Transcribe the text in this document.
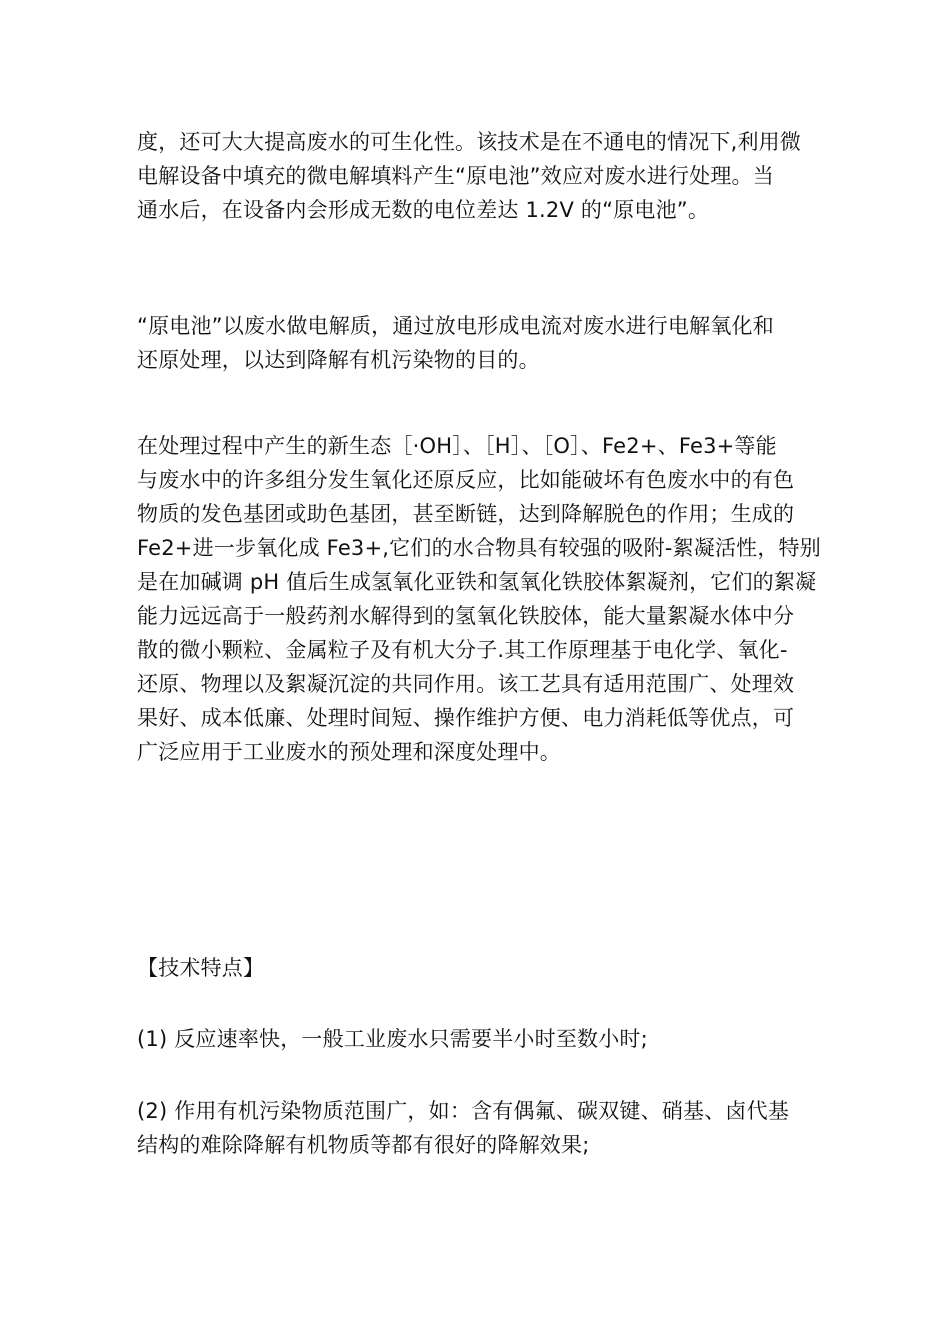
度，还可大大提高废水的可生化性。该技术是在不通电的情况下,利用微
电解设备中填充的微电解填料产生“原电池”效应对废水进行处理。当
通水后，在设备内会形成无数的电位差达 1.2V 的“原电池”。
“原电池”以废水做电解质，通过放电形成电流对废水进行电解氧化和
还原处理，以达到降解有机污染物的目的。
在处理过程中产生的新生态［·OH］、［H］、［O］、Fe2+、Fe3+等能
与废水中的许多组分发生氧化还原反应，比如能破坏有色废水中的有色
物质的发色基团或助色基团，甚至断链，达到降解脱色的作用；生成的
Fe2+进一步氧化成 Fe3+,它们的水合物具有较强的吸附-絮凝活性，特别
是在加碱调 pH 值后生成氢氧化亚铁和氢氧化铁胶体絮凝剂，它们的絮凝
能力远远高于一般药剂水解得到的氢氧化铁胶体，能大量絮凝水体中分
散的微小颗粒、金属粒子及有机大分子.其工作原理基于电化学、氧化-
还原、物理以及絮凝沉淀的共同作用。该工艺具有适用范围广、处理效
果好、成本低廉、处理时间短、操作维护方便、电力消耗低等优点，可
广泛应用于工业废水的预处理和深度处理中。
【技术特点】
(1) 反应速率快，一般工业废水只需要半小时至数小时;
(2) 作用有机污染物质范围广，如：含有偶氟、碳双键、硝基、卤代基
结构的难除降解有机物质等都有很好的降解效果;
